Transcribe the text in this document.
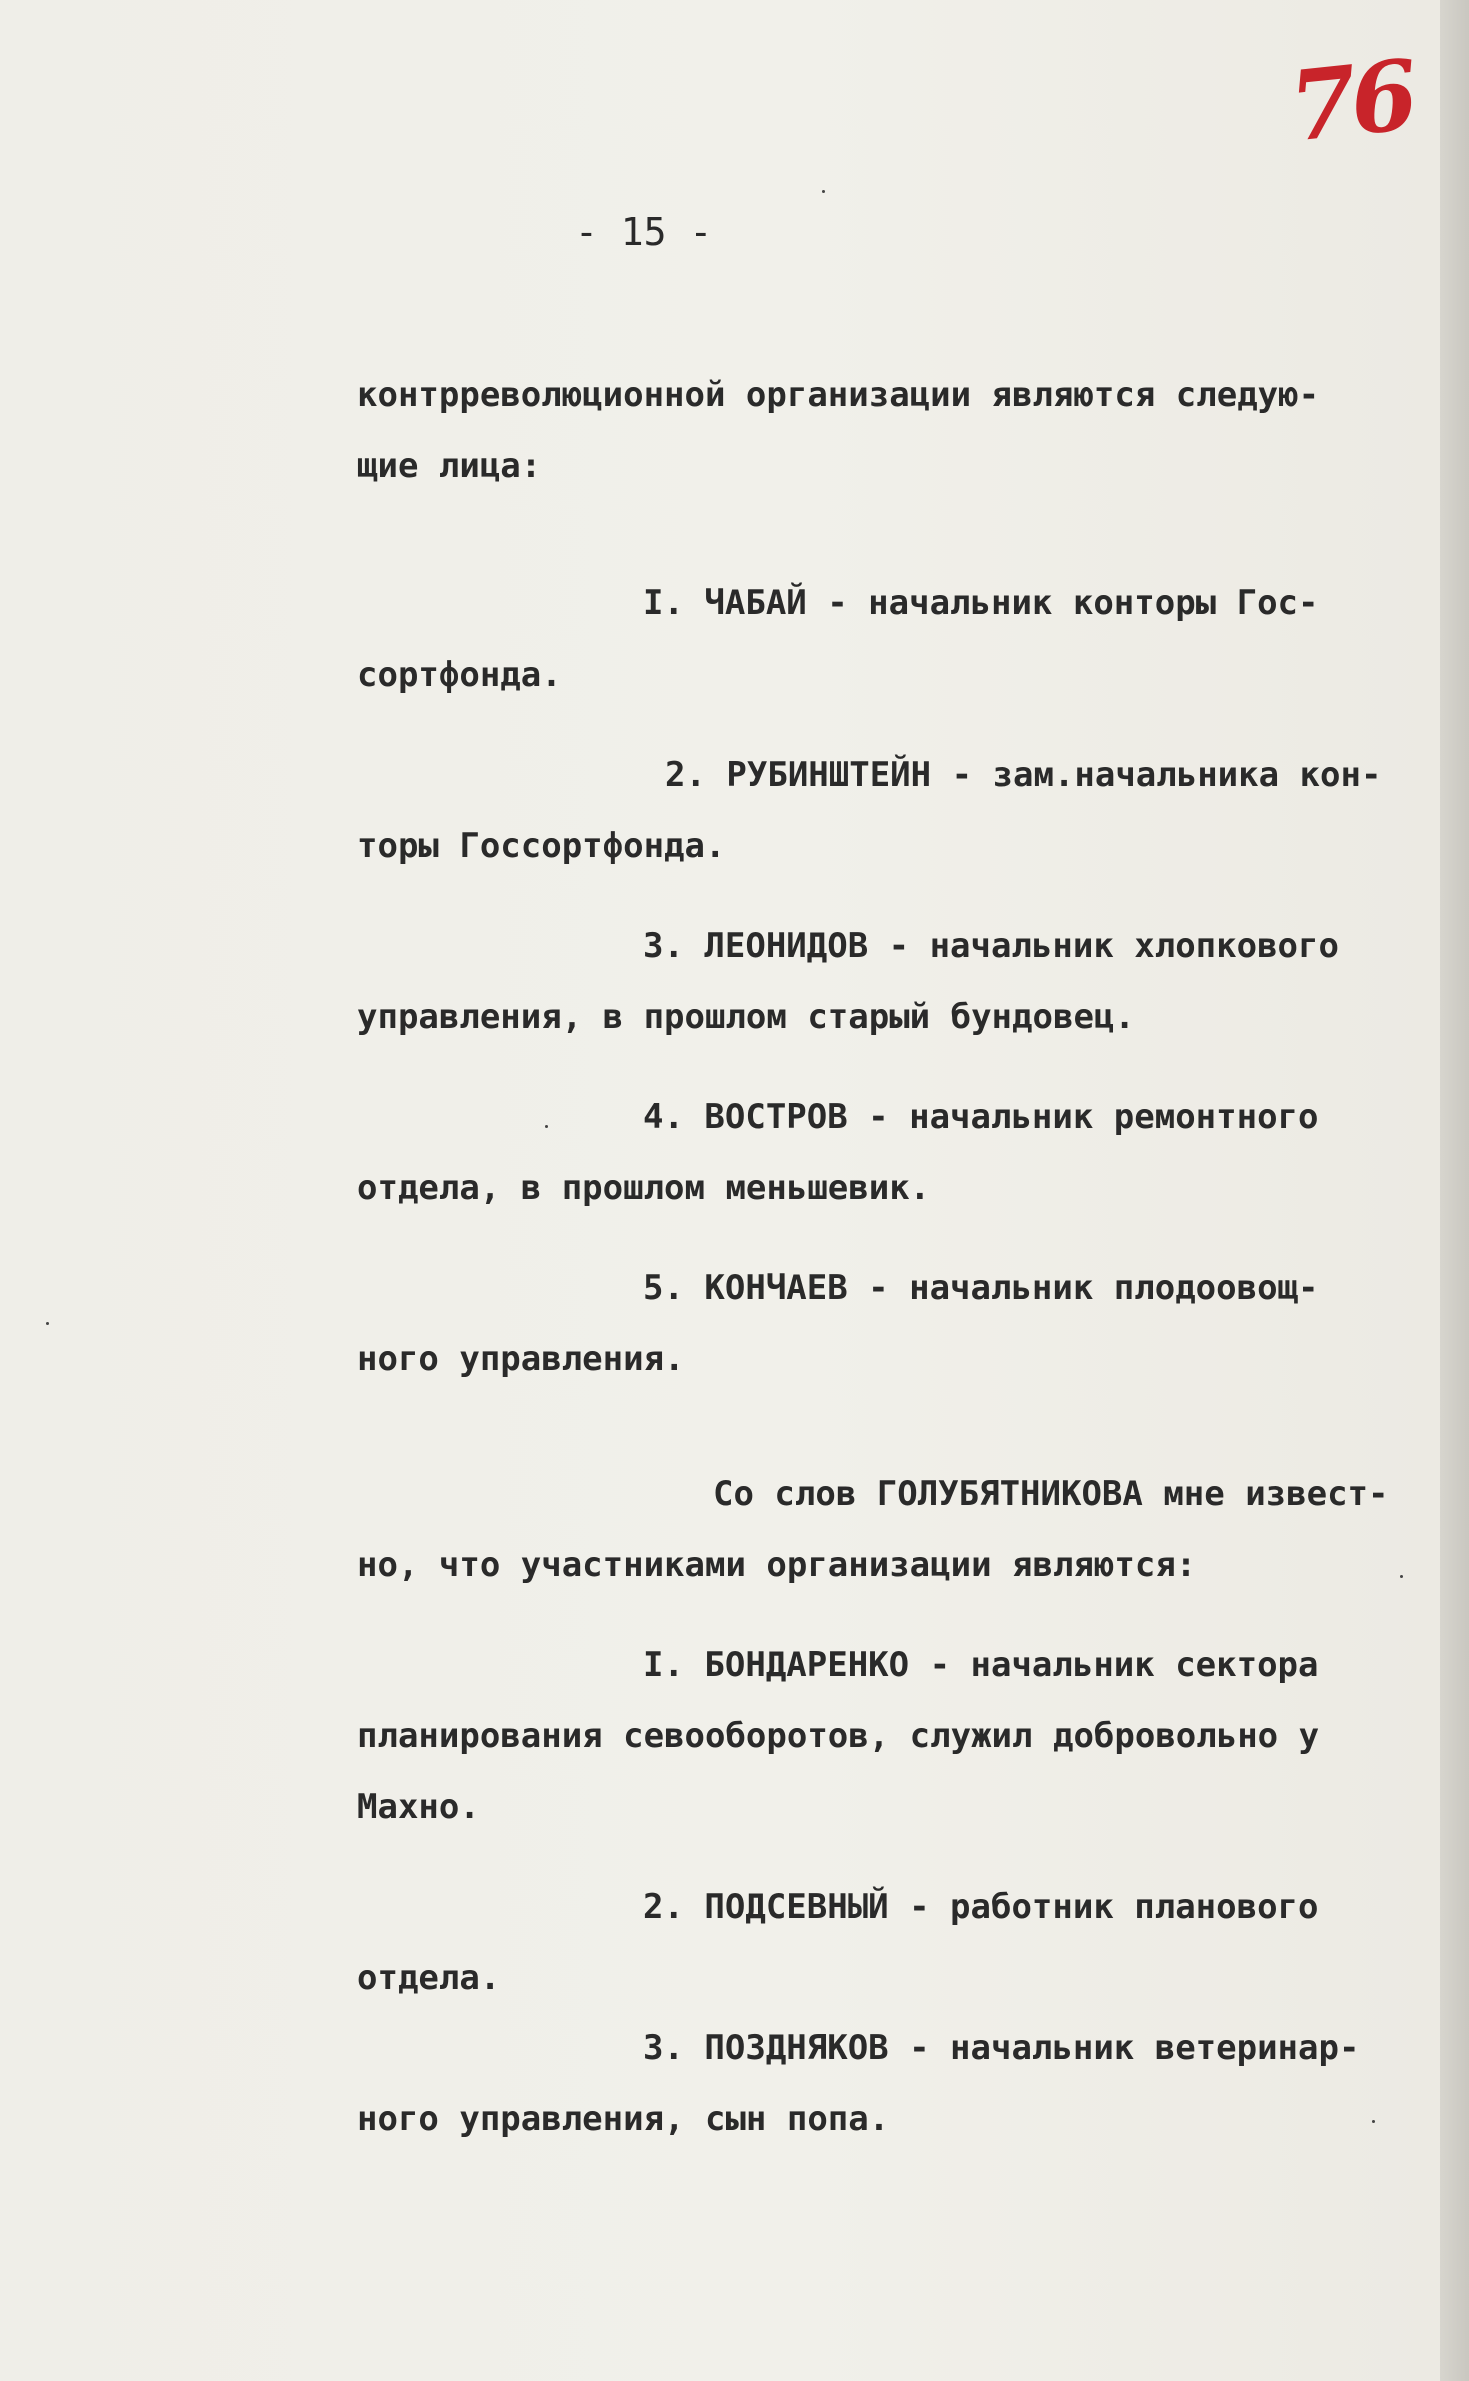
76
- 15 -
контрреволюционной организации являются следую-
щие лица:
I. ЧАБАЙ - начальник конторы Гос-
сортфонда.
2. РУБИНШТЕЙН - зам.начальника кон-
торы Госсортфонда.
3. ЛЕОНИДОВ - начальник хлопкового
управления, в прошлом старый бундовец.
4. ВОСТРОВ - начальник ремонтного
отдела, в прошлом меньшевик.
5. КОНЧАЕВ - начальник плодоовощ-
ного управления.
Со слов ГОЛУБЯТНИКОВА мне извест-
но, что участниками организации являются:
I. БОНДАРЕНКО - начальник сектора
планирования севооборотов, служил добровольно у
Махно.
2. ПОДСЕВНЫЙ - работник планового
отдела.
3. ПОЗДНЯКОВ - начальник ветеринар-
ного управления, сын попа.
